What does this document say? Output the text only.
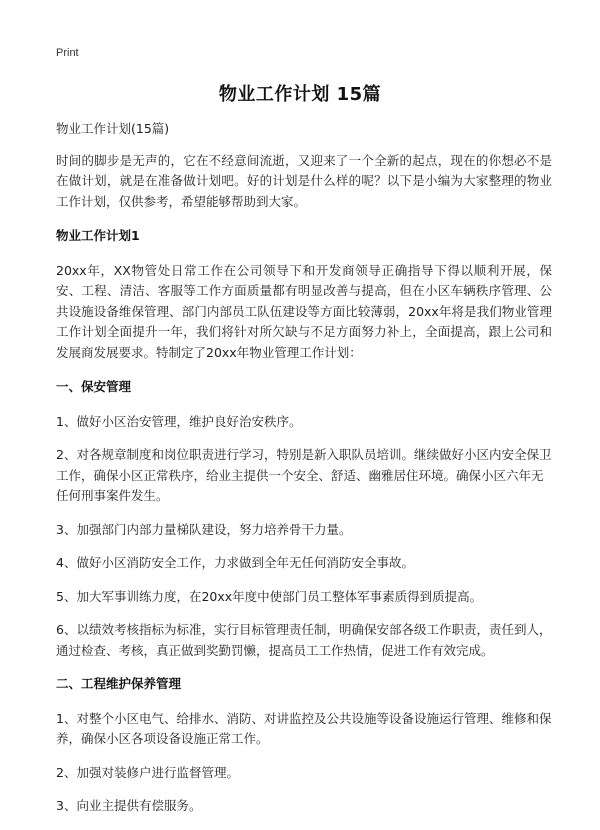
Print
物业工作计划 15篇

物业工作计划(15篇)

时间的脚步是无声的，它在不经意间流逝，又迎来了一个全新的起点，现在的你想必不是在做计划，就是在准备做计划吧。好的计划是什么样的呢？以下是小编为大家整理的物业工作计划，仅供参考，希望能够帮助到大家。

物业工作计划1

20xx年，XX物管处日常工作在公司领导下和开发商领导正确指导下得以顺利开展，保安、工程、清洁、客服等工作方面质量都有明显改善与提高，但在小区车辆秩序管理、公共设施设备维保管理、部门内部员工队伍建设等方面比较薄弱，20xx年将是我们物业管理工作计划全面提升一年，我们将针对所欠缺与不足方面努力补上，全面提高，跟上公司和发展商发展要求。特制定了20xx年物业管理工作计划：

一、保安管理

1、做好小区治安管理，维护良好治安秩序。

2、对各规章制度和岗位职责进行学习，特别是新入职队员培训。继续做好小区内安全保卫工作，确保小区正常秩序，给业主提供一个安全、舒适、幽雅居住环境。确保小区六年无任何刑事案件发生。

3、加强部门内部力量梯队建设，努力培养骨干力量。

4、做好小区消防安全工作，力求做到全年无任何消防安全事故。

5、加大军事训练力度，在20xx年度中使部门员工整体军事素质得到质提高。

6、以绩效考核指标为标准，实行目标管理责任制，明确保安部各级工作职责，责任到人，通过检查、考核，真正做到奖勤罚懒，提高员工工作热情，促进工作有效完成。

二、工程维护保养管理

1、对整个小区电气、给排水、消防、对讲监控及公共设施等设备设施运行管理、维修和保养，确保小区各项设备设施正常工作。

2、加强对装修户进行监督管理。

3、向业主提供有偿服务。
